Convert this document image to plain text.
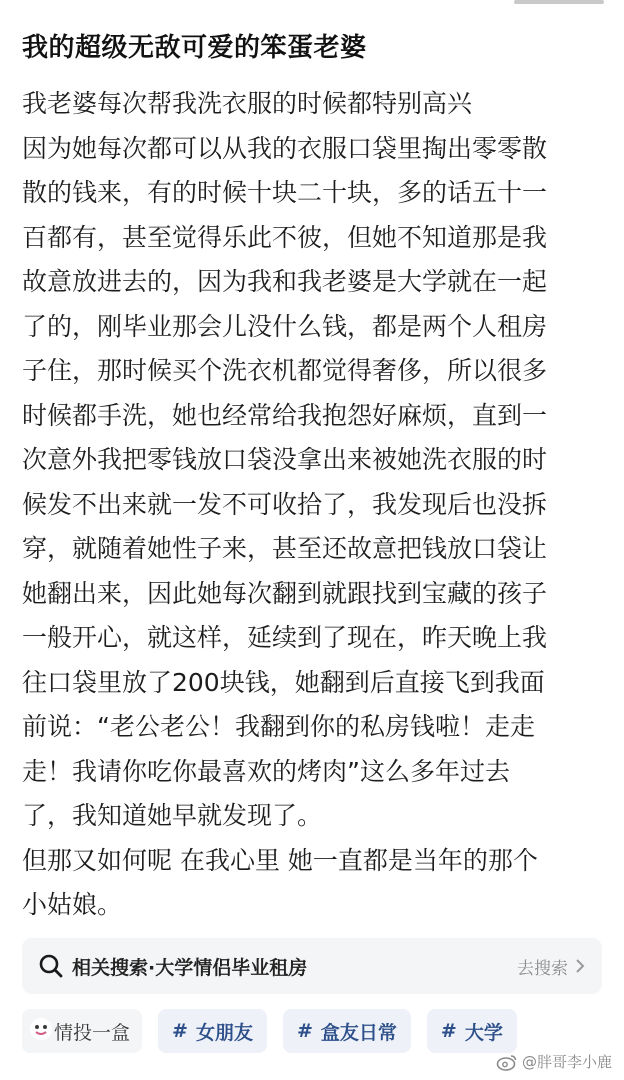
我的超级无敌可爱的笨蛋老婆
我老婆每次帮我洗衣服的时候都特别高兴
因为她每次都可以从我的衣服口袋里掏出零零散
散的钱来，有的时候十块二十块，多的话五十一
百都有，甚至觉得乐此不彼，但她不知道那是我
故意放进去的，因为我和我老婆是大学就在一起
了的，刚毕业那会儿没什么钱，都是两个人租房
子住，那时候买个洗衣机都觉得奢侈，所以很多
时候都手洗，她也经常给我抱怨好麻烦，直到一
次意外我把零钱放口袋没拿出来被她洗衣服的时
候发不出来就一发不可收拾了，我发现后也没拆
穿，就随着她性子来，甚至还故意把钱放口袋让
她翻出来，因此她每次翻到就跟找到宝藏的孩子
一般开心，就这样，延续到了现在，昨天晚上我
往口袋里放了200块钱，她翻到后直接飞到我面
前说：“老公老公！我翻到你的私房钱啦！走走
走！我请你吃你最喜欢的烤肉”这么多年过去
了，我知道她早就发现了。
但那又如何呢 在我心里 她一直都是当年的那个
小姑娘。
相关搜索·大学情侣毕业租房	去搜索
情投一盒	# 女朋友 # 盒友日常 # 大学
@胖哥李小鹿
